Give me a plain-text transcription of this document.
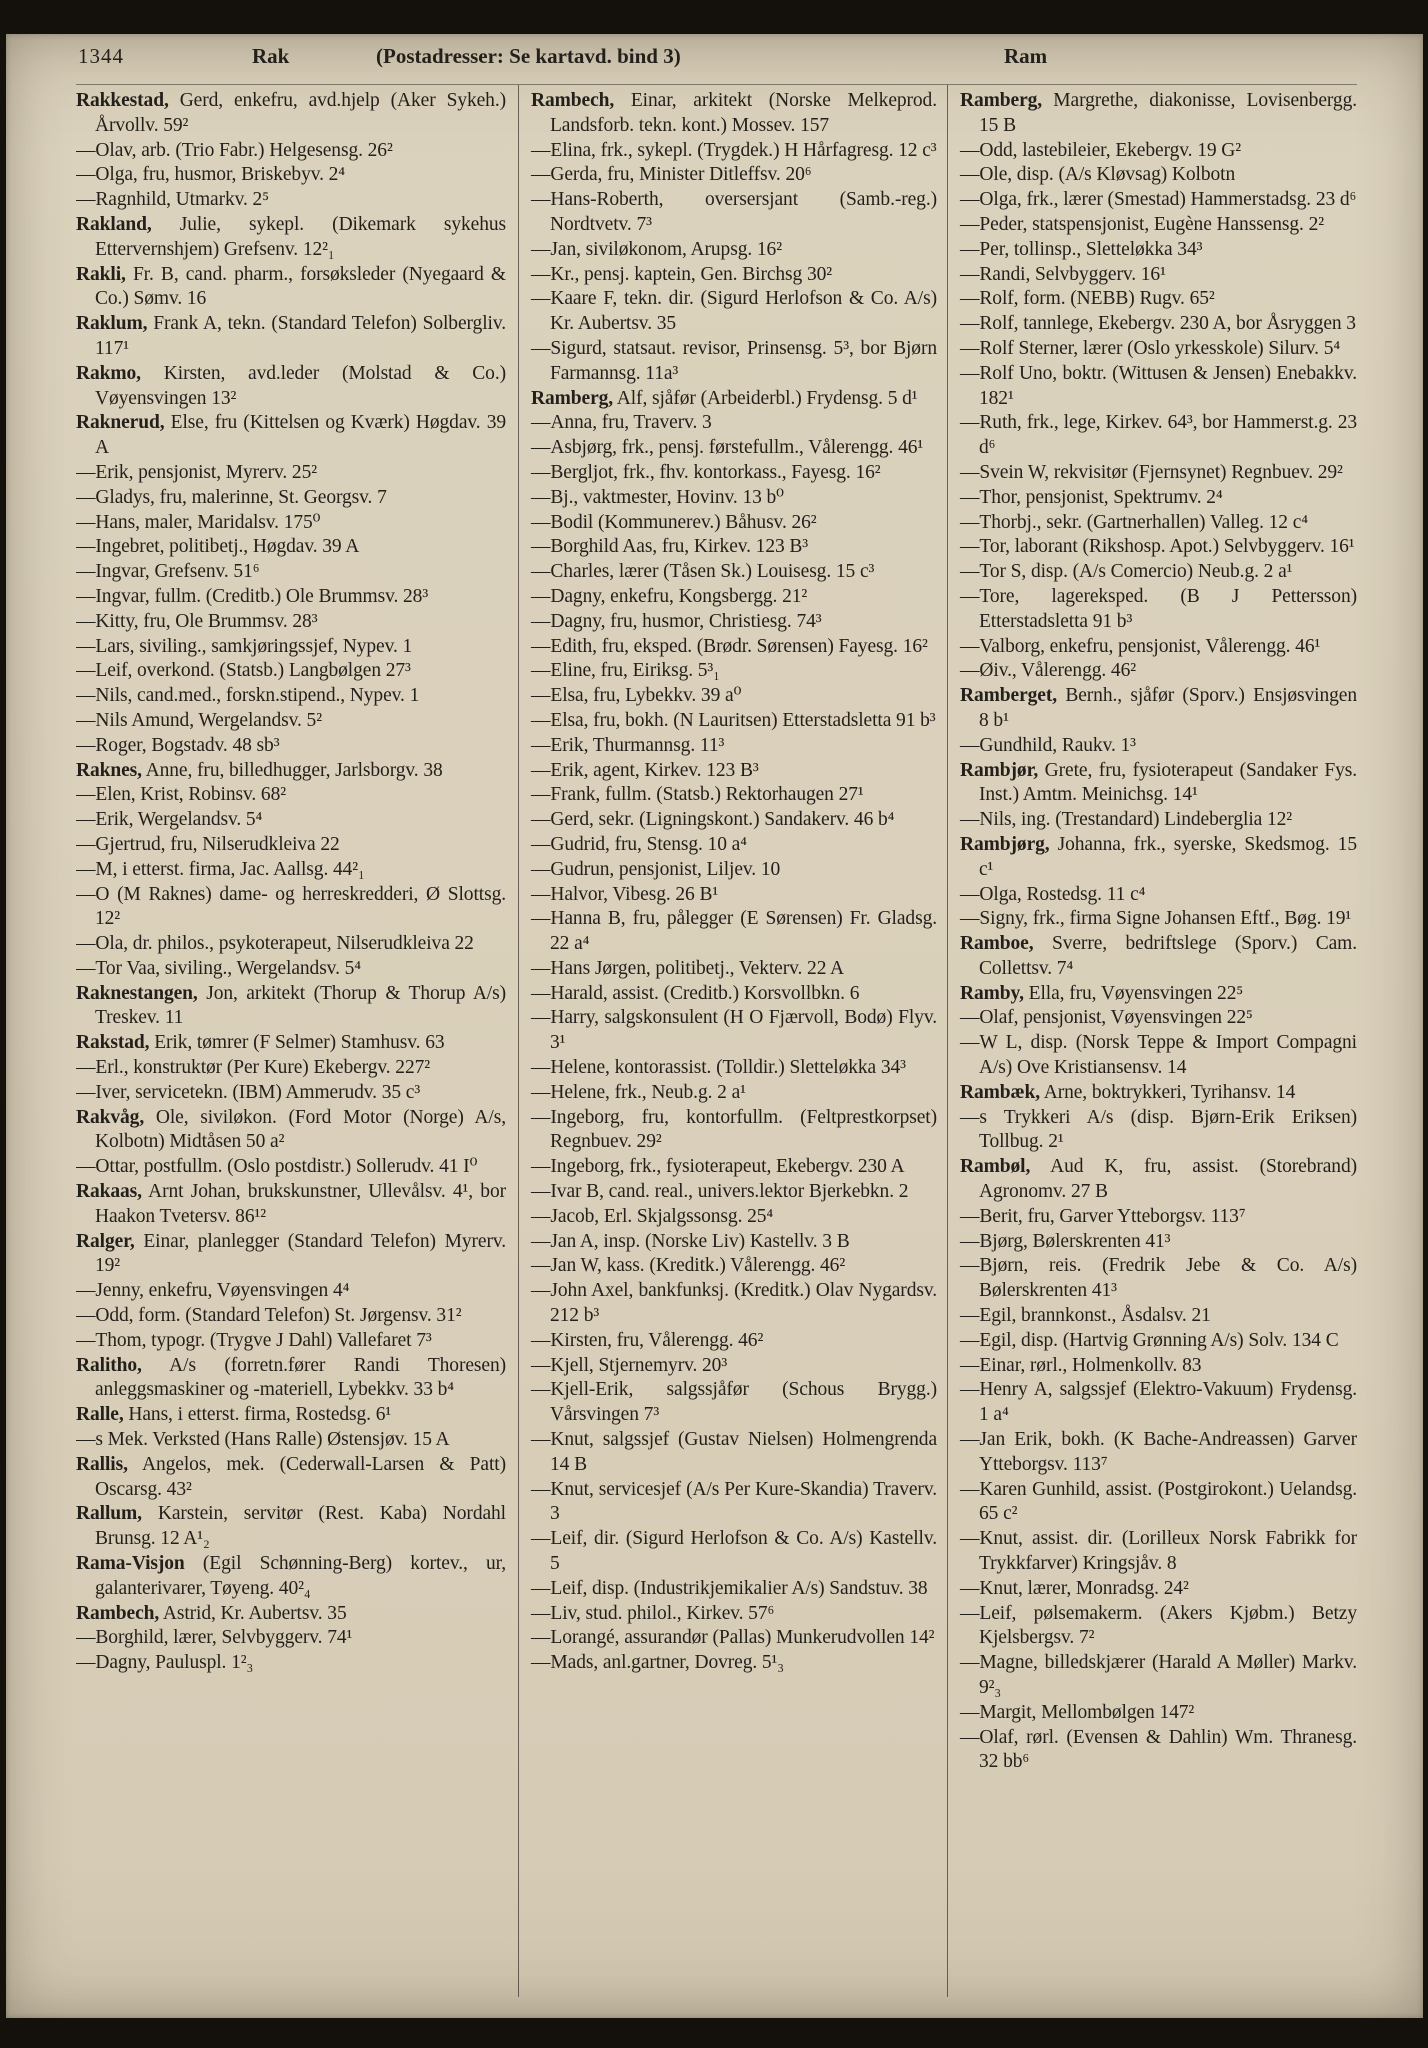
1344	Rak	(Postadresser: Se kartavd. bind 3)	Ram

Rakkestad, Gerd, enkefru, avd.hjelp (Aker Sykeh.) Årvollv. 59²

—Olav, arb. (Trio Fabr.) Helgesensg. 26²

—Olga, fru, husmor, Briskebyv. 2⁴

—Ragnhild, Utmarkv. 2⁵

Rakland, Julie, sykepl. (Dikemark sykehus Ettervernshjem) Grefsenv. 12²₁

Rakli, Fr. B, cand. pharm., forsøksleder (Nyegaard & Co.) Sømv. 16

Raklum, Frank A, tekn. (Standard Telefon) Solbergliv. 117¹

Rakmo, Kirsten, avd.leder (Molstad & Co.) Vøyensvingen 13²

Raknerud, Else, fru (Kittelsen og Kværk) Høgdav. 39 A

—Erik, pensjonist, Myrerv. 25²

—Gladys, fru, malerinne, St. Georgsv. 7

—Hans, maler, Maridalsv. 175⁰

—Ingebret, politibetj., Høgdav. 39 A

—Ingvar, Grefsenv. 51⁶

—Ingvar, fullm. (Creditb.) Ole Brummsv. 28³

—Kitty, fru, Ole Brummsv. 28³

—Lars, siviling., samkjøringssjef, Nypev. 1

—Leif, overkond. (Statsb.) Langbølgen 27³

—Nils, cand.med., forskn.stipend., Nypev. 1

—Nils Amund, Wergelandsv. 5²

—Roger, Bogstadv. 48 sb³

Raknes, Anne, fru, billedhugger, Jarlsborgv. 38

—Elen, Krist, Robinsv. 68²

—Erik, Wergelandsv. 5⁴

—Gjertrud, fru, Nilserudkleiva 22

—M, i etterst. firma, Jac. Aallsg. 44²₁

—O (M Raknes) dame- og herreskredderi, Ø Slottsg. 12²

—Ola, dr. philos., psykoterapeut, Nilserudkleiva 22

—Tor Vaa, siviling., Wergelandsv. 5⁴

Raknestangen, Jon, arkitekt (Thorup & Thorup A/s) Treskev. 11

Rakstad, Erik, tømrer (F Selmer) Stamhusv. 63

—Erl., konstruktør (Per Kure) Ekebergv. 227²

—Iver, servicetekn. (IBM) Ammerudv. 35 c³

Rakvåg, Ole, siviløkon. (Ford Motor (Norge) A/s, Kolbotn) Midtåsen 50 a²

—Ottar, postfullm. (Oslo postdistr.) Sollerudv. 41 I⁰

Rakaas, Arnt Johan, brukskunstner, Ullevålsv. 4¹, bor Haakon Tvetersv. 86¹²

Ralger, Einar, planlegger (Standard Telefon) Myrerv. 19²

—Jenny, enkefru, Vøyensvingen 4⁴

—Odd, form. (Standard Telefon) St. Jørgensv. 31²

—Thom, typogr. (Trygve J Dahl) Vallefaret 7³

Ralitho, A/s (forretn.fører Randi Thoresen) anleggsmaskiner og -materiell, Lybekkv. 33 b⁴

Ralle, Hans, i etterst. firma, Rostedsg. 6¹

—s Mek. Verksted (Hans Ralle) Østensjøv. 15 A

Rallis, Angelos, mek. (Cederwall-Larsen & Patt) Oscarsg. 43²

Rallum, Karstein, servitør (Rest. Kaba) Nordahl Brunsg. 12 A¹₂

Rama-Visjon (Egil Schønning-Berg) kortev., ur, galanterivarer, Tøyeng. 40²₄

Rambech, Astrid, Kr. Aubertsv. 35

—Borghild, lærer, Selvbyggerv. 74¹

—Dagny, Pauluspl. 1²₃

Rambech, Einar, arkitekt (Norske Melkeprod. Landsforb. tekn. kont.) Mossev. 157

—Elina, frk., sykepl. (Trygdek.) H Hårfagresg. 12 c³

—Gerda, fru, Minister Ditleffsv. 20⁶

—Hans-Roberth, oversersjant (Samb.-reg.) Nordtvetv. 7³

—Jan, siviløkonom, Arupsg. 16²

—Kr., pensj. kaptein, Gen. Birchsg 30²

—Kaare F, tekn. dir. (Sigurd Herlofson & Co. A/s) Kr. Aubertsv. 35

—Sigurd, statsaut. revisor, Prinsensg. 5³, bor Bjørn Farmannsg. 11a³

Ramberg, Alf, sjåfør (Arbeiderbl.) Frydensg. 5 d¹

—Anna, fru, Traverv. 3

—Asbjørg, frk., pensj. førstefullm., Vålerengg. 46¹

—Bergljot, frk., fhv. kontorkass., Fayesg. 16²

—Bj., vaktmester, Hovinv. 13 b⁰

—Bodil (Kommunerev.) Båhusv. 26²

—Borghild Aas, fru, Kirkev. 123 B³

—Charles, lærer (Tåsen Sk.) Louisesg. 15 c³

—Dagny, enkefru, Kongsbergg. 21²

—Dagny, fru, husmor, Christiesg. 74³

—Edith, fru, eksped. (Brødr. Sørensen) Fayesg. 16²

—Eline, fru, Eiriksg. 5³₁

—Elsa, fru, Lybekkv. 39 a⁰

—Elsa, fru, bokh. (N Lauritsen) Etterstadsletta 91 b³

—Erik, Thurmannsg. 11³

—Erik, agent, Kirkev. 123 B³

—Frank, fullm. (Statsb.) Rektorhaugen 27¹

—Gerd, sekr. (Ligningskont.) Sandakerv. 46 b⁴

—Gudrid, fru, Stensg. 10 a⁴

—Gudrun, pensjonist, Liljev. 10

—Halvor, Vibesg. 26 B¹

—Hanna B, fru, pålegger (E Sørensen) Fr. Gladsg. 22 a⁴

—Hans Jørgen, politibetj., Vekterv. 22 A

—Harald, assist. (Creditb.) Korsvollbkn. 6

—Harry, salgskonsulent (H O Fjærvoll, Bodø) Flyv. 3¹

—Helene, kontorassist. (Tolldir.) Sletteløkka 34³

—Helene, frk., Neub.g. 2 a¹

—Ingeborg, fru, kontorfullm. (Feltprestkorpset) Regnbuev. 29²

—Ingeborg, frk., fysioterapeut, Ekebergv. 230 A

—Ivar B, cand. real., univers.lektor Bjerkebkn. 2

—Jacob, Erl. Skjalgssonsg. 25⁴

—Jan A, insp. (Norske Liv) Kastellv. 3 B

—Jan W, kass. (Kreditk.) Vålerengg. 46²

—John Axel, bankfunksj. (Kreditk.) Olav Nygardsv. 212 b³

—Kirsten, fru, Vålerengg. 46²

—Kjell, Stjernemyrv. 20³

—Kjell-Erik, salgssjåfør (Schous Brygg.) Vårsvingen 7³

—Knut, salgssjef (Gustav Nielsen) Holmengrenda 14 B

—Knut, servicesjef (A/s Per Kure-Skandia) Traverv. 3

—Leif, dir. (Sigurd Herlofson & Co. A/s) Kastellv. 5

—Leif, disp. (Industrikjemikalier A/s) Sandstuv. 38

—Liv, stud. philol., Kirkev. 57⁶

—Lorangé, assurandør (Pallas) Munkerudvollen 14²

—Mads, anl.gartner, Dovreg. 5¹₃

Ramberg, Margrethe, diakonisse, Lovisenbergg. 15 B

—Odd, lastebileier, Ekebergv. 19 G²

—Ole, disp. (A/s Kløvsag) Kolbotn

—Olga, frk., lærer (Smestad) Hammerstadsg. 23 d⁶

—Peder, statspensjonist, Eugène Hanssensg. 2²

—Per, tollinsp., Sletteløkka 34³

—Randi, Selvbyggerv. 16¹

—Rolf, form. (NEBB) Rugv. 65²

—Rolf, tannlege, Ekebergv. 230 A, bor Åsryggen 3

—Rolf Sterner, lærer (Oslo yrkesskole) Silurv. 5⁴

—Rolf Uno, boktr. (Wittusen & Jensen) Enebakkv. 182¹

—Ruth, frk., lege, Kirkev. 64³, bor Hammerst.g. 23 d⁶

—Svein W, rekvisitør (Fjernsynet) Regnbuev. 29²

—Thor, pensjonist, Spektrumv. 2⁴

—Thorbj., sekr. (Gartnerhallen) Valleg. 12 c⁴

—Tor, laborant (Rikshosp. Apot.) Selvbyggerv. 16¹

—Tor S, disp. (A/s Comercio) Neub.g. 2 a¹

—Tore, lagereksped. (B J Pettersson) Etterstadsletta 91 b³

—Valborg, enkefru, pensjonist, Vålerengg. 46¹

—Øiv., Vålerengg. 46²

Ramberget, Bernh., sjåfør (Sporv.) Ensjøsvingen 8 b¹

—Gundhild, Raukv. 1³

Rambjør, Grete, fru, fysioterapeut (Sandaker Fys. Inst.) Amtm. Meinichsg. 14¹

—Nils, ing. (Trestandard) Lindeberglia 12²

Rambjørg, Johanna, frk., syerske, Skedsmog. 15 c¹

—Olga, Rostedsg. 11 c⁴

—Signy, frk., firma Signe Johansen Eftf., Bøg. 19¹

Ramboe, Sverre, bedriftslege (Sporv.) Cam. Collettsv. 7⁴

Ramby, Ella, fru, Vøyensvingen 22⁵

—Olaf, pensjonist, Vøyensvingen 22⁵

—W L, disp. (Norsk Teppe & Import Compagni A/s) Ove Kristiansensv. 14

Rambæk, Arne, boktrykkeri, Tyrihansv. 14

—s Trykkeri A/s (disp. Bjørn-Erik Eriksen) Tollbug. 2¹

Rambøl, Aud K, fru, assist. (Storebrand) Agronomv. 27 B

—Berit, fru, Garver Ytteborgsv. 113⁷

—Bjørg, Bølerskrenten 41³

—Bjørn, reis. (Fredrik Jebe & Co. A/s) Bølerskrenten 41³

—Egil, brannkonst., Åsdalsv. 21

—Egil, disp. (Hartvig Grønning A/s) Solv. 134 C

—Einar, rørl., Holmenkollv. 83

—Henry A, salgssjef (Elektro-Vakuum) Frydensg. 1 a⁴

—Jan Erik, bokh. (K Bache-Andreassen) Garver Ytteborgsv. 113⁷

—Karen Gunhild, assist. (Postgirokont.) Uelandsg. 65 c²

—Knut, assist. dir. (Lorilleux Norsk Fabrikk for Trykkfarver) Kringsjåv. 8

—Knut, lærer, Monradsg. 24²

—Leif, pølsemakerm. (Akers Kjøbm.) Betzy Kjelsbergsv. 7²

—Magne, billedskjærer (Harald A Møller) Markv. 9²₃

—Margit, Mellombølgen 147²

—Olaf, rørl. (Evensen & Dahlin) Wm. Thranesg. 32 bb⁶
